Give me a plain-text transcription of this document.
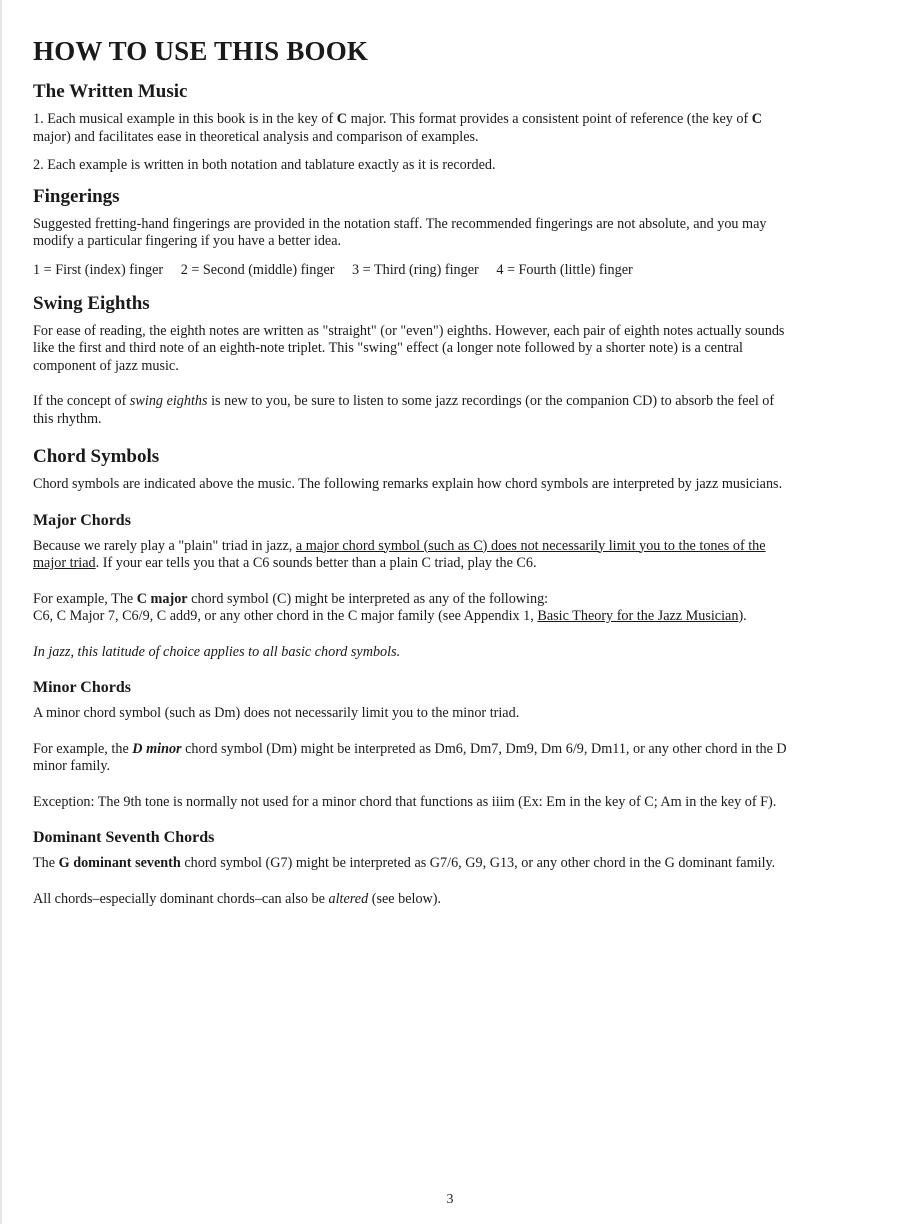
HOW TO USE THIS BOOK
The Written Music

1. Each musical example in this book is in the key of C major. This format provides a consistent point of reference (the key of C major) and facilitates ease in theoretical analysis and comparison of examples.

2. Each example is written in both notation and tablature exactly as it is recorded.

Fingerings

Suggested fretting-hand fingerings are provided in the notation staff. The recommended fingerings are not absolute, and you may modify a particular fingering if you have a better idea.

1 = First (index) finger 2 = Second (middle) finger 3 = Third (ring) finger 4 = Fourth (little) finger
Swing Eighths

For ease of reading, the eighth notes are written as "straight" (or "even") eighths. However, each pair of eighth notes actually sounds like the first and third note of an eighth-note triplet. This "swing" effect (a longer note followed by a shorter note) is a central component of jazz music.

If the concept of swing eighths is new to you, be sure to listen to some jazz recordings (or the companion CD) to absorb the feel of this rhythm.

Chord Symbols

Chord symbols are indicated above the music. The following remarks explain how chord symbols are interpreted by jazz musicians.

Major Chords

Because we rarely play a "plain" triad in jazz, a major chord symbol (such as C) does not necessarily limit you to the tones of the major triad. If your ear tells you that a C6 sounds better than a plain C triad, play the C6.

For example, The C major chord symbol (C) might be interpreted as any of the following:
C6, C Major 7, C6/9, C add9, or any other chord in the C major family (see Appendix 1, Basic Theory for the Jazz Musician).

In jazz, this latitude of choice applies to all basic chord symbols.

Minor Chords

A minor chord symbol (such as Dm) does not necessarily limit you to the minor triad.

For example, the D minor chord symbol (Dm) might be interpreted as Dm6, Dm7, Dm9, Dm 6/9, Dm11, or any other chord in the D minor family.

Exception: The 9th tone is normally not used for a minor chord that functions as iiim (Ex: Em in the key of C; Am in the key of F).

Dominant Seventh Chords

The G dominant seventh chord symbol (G7) might be interpreted as G7/6, G9, G13, or any other chord in the G dominant family.

All chords–especially dominant chords–can also be altered (see below).

3
